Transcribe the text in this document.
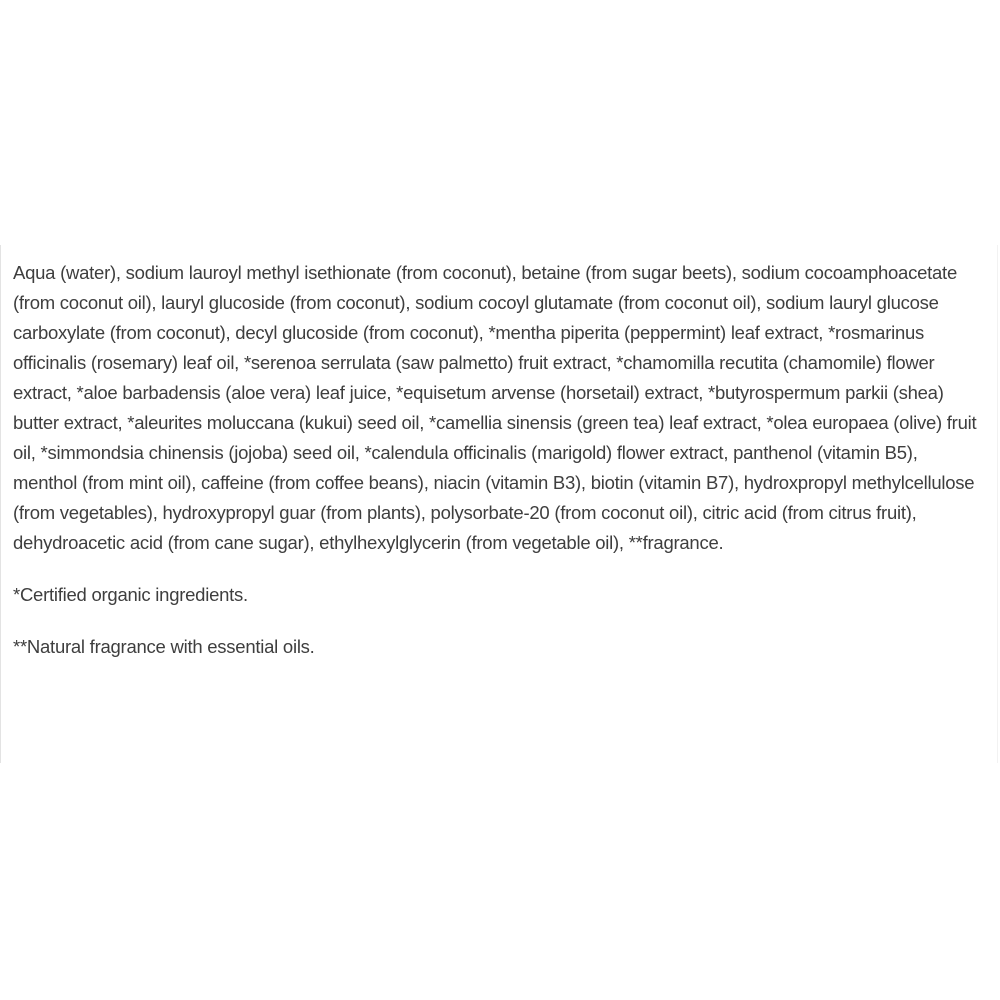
Aqua (water), sodium lauroyl methyl isethionate (from coconut), betaine (from sugar beets), sodium cocoamphoacetate (from coconut oil), lauryl glucoside (from coconut), sodium cocoyl glutamate (from coconut oil), sodium lauryl glucose carboxylate (from coconut), decyl glucoside (from coconut), *mentha piperita (peppermint) leaf extract, *rosmarinus officinalis (rosemary) leaf oil, *serenoa serrulata (saw palmetto) fruit extract, *chamomilla recutita (chamomile) flower extract, *aloe barbadensis (aloe vera) leaf juice, *equisetum arvense (horsetail) extract, *butyrospermum parkii (shea) butter extract, *aleurites moluccana (kukui) seed oil, *camellia sinensis (green tea) leaf extract, *olea europaea (olive) fruit oil, *simmondsia chinensis (jojoba) seed oil, *calendula officinalis (marigold) flower extract, panthenol (vitamin B5), menthol (from mint oil), caffeine (from coffee beans), niacin (vitamin B3), biotin (vitamin B7), hydroxpropyl methylcellulose (from vegetables), hydroxypropyl guar (from plants), polysorbate-20 (from coconut oil), citric acid (from citrus fruit), dehydroacetic acid (from cane sugar), ethylhexylglycerin (from vegetable oil), **fragrance.

*Certified organic ingredients.

**Natural fragrance with essential oils.
